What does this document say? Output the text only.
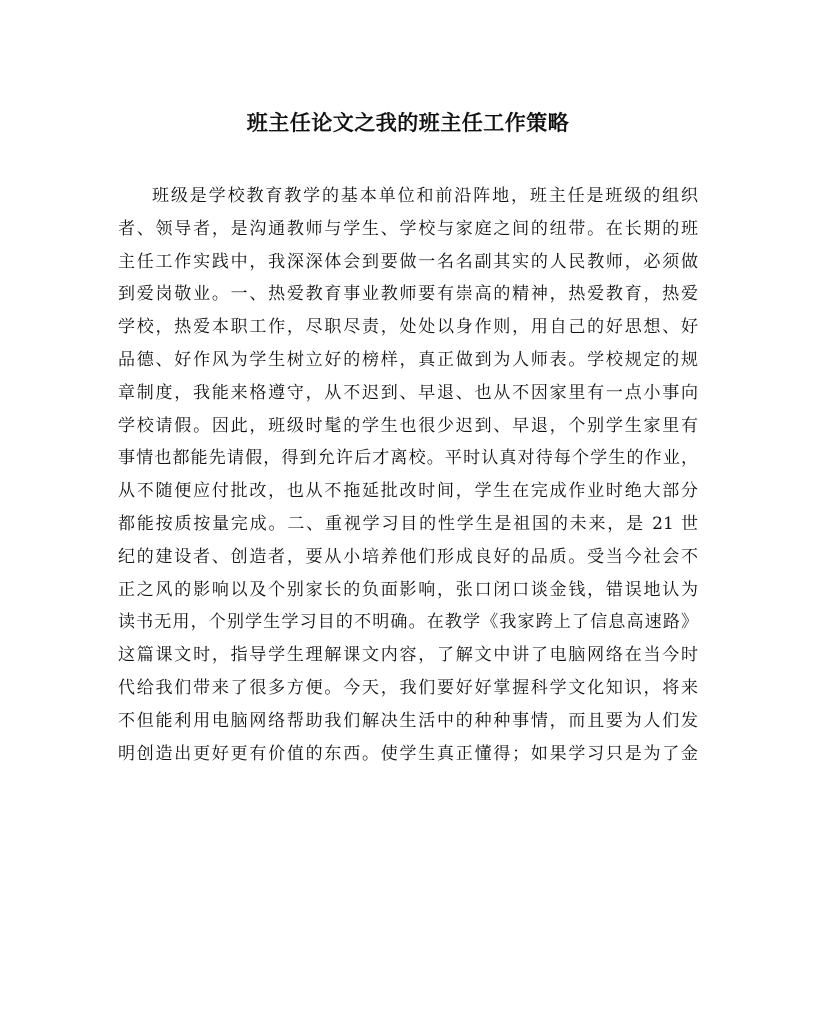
班主任论文之我的班主任工作策略
班级是学校教育教学的基本单位和前沿阵地，班主任是班级的组织
者、领导者，是沟通教师与学生、学校与家庭之间的纽带。在长期的班
主任工作实践中，我深深体会到要做一名名副其实的人民教师，必须做
到爱岗敬业。一、热爱教育事业教师要有崇高的精神，热爱教育，热爱
学校，热爱本职工作，尽职尽责，处处以身作则，用自己的好思想、好
品德、好作风为学生树立好的榜样，真正做到为人师表。学校规定的规
章制度，我能来格遵守，从不迟到、早退、也从不因家里有一点小事向
学校请假。因此，班级时髦的学生也很少迟到、早退，个别学生家里有
事情也都能先请假，得到允许后才离校。平时认真对待每个学生的作业，
从不随便应付批改，也从不拖延批改时间，学生在完成作业时绝大部分
都能按质按量完成。二、重视学习目的性学生是祖国的未来，是 21 世
纪的建设者、创造者，要从小培养他们形成良好的品质。受当今社会不
正之风的影响以及个别家长的负面影响，张口闭口谈金钱，错误地认为
读书无用，个别学生学习目的不明确。在教学《我家跨上了信息高速路》
这篇课文时，指导学生理解课文内容，了解文中讲了电脑网络在当今时
代给我们带来了很多方便。今天，我们要好好掌握科学文化知识，将来
不但能利用电脑网络帮助我们解决生活中的种种事情，而且要为人们发
明创造出更好更有价值的东西。使学生真正懂得；如果学习只是为了金
